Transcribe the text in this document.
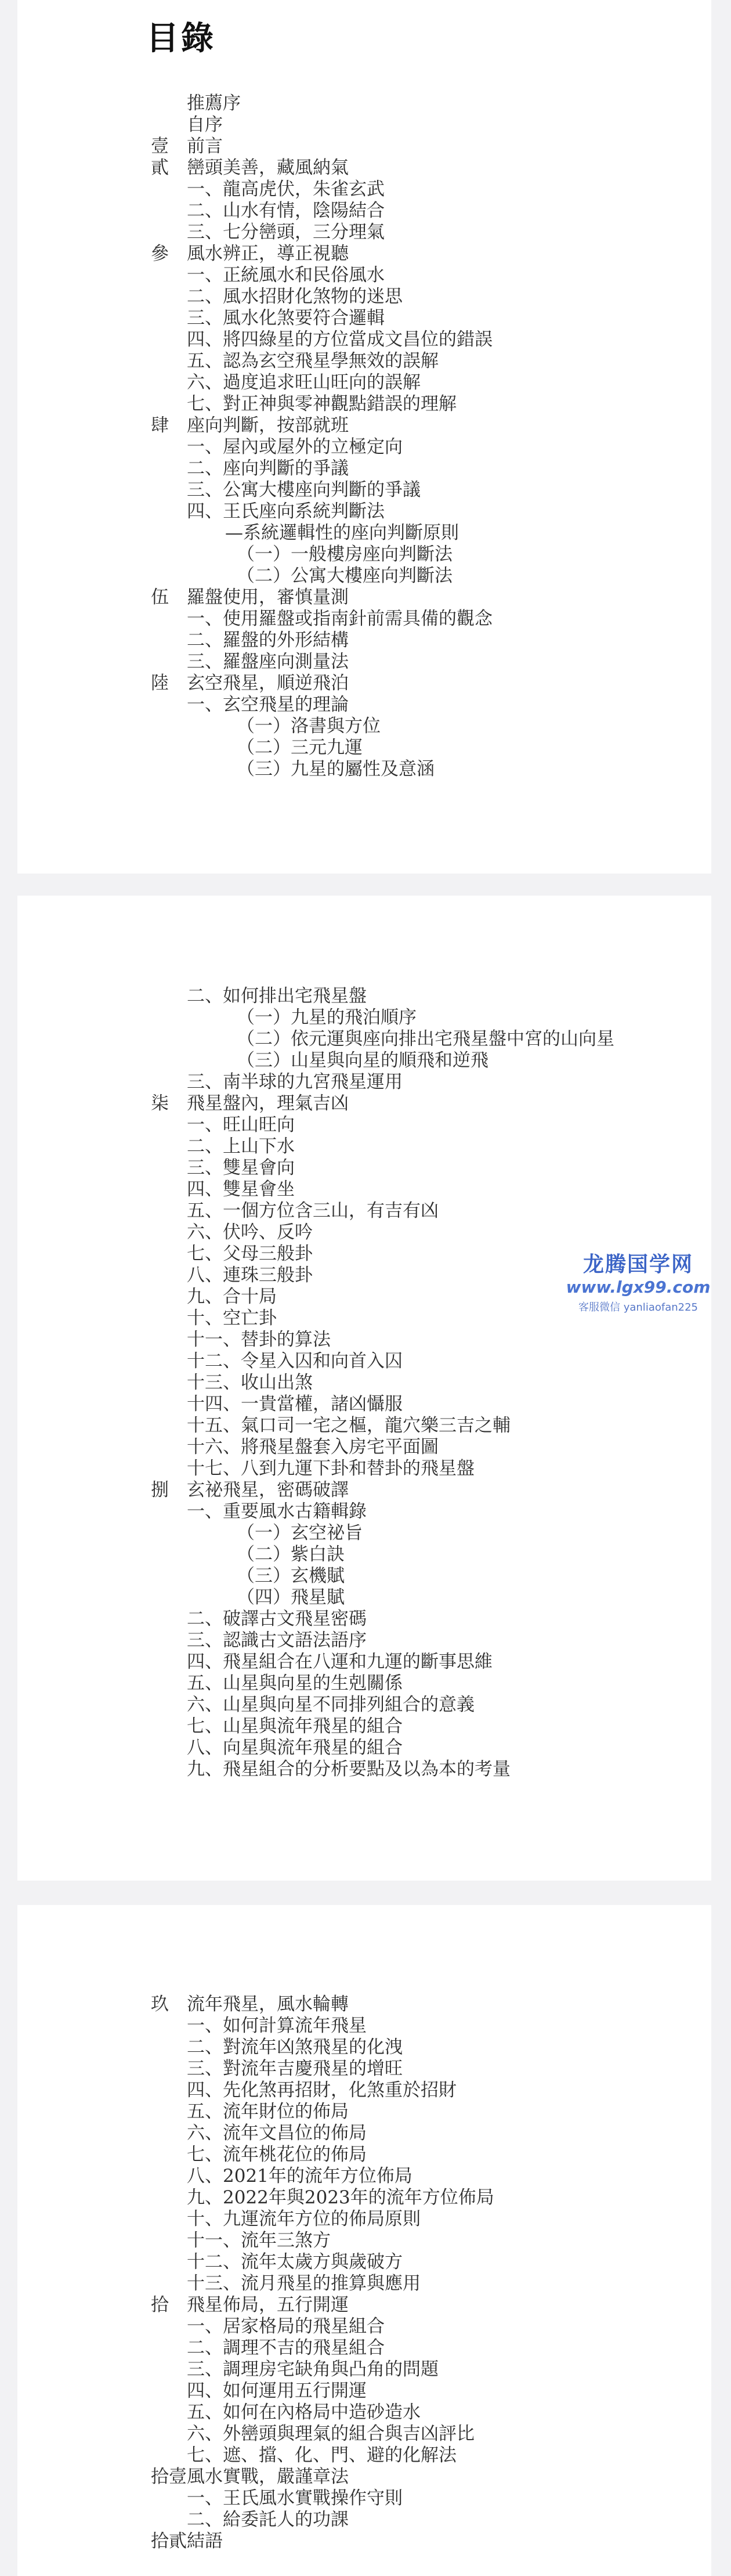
目錄
推薦序
自序
壹 前言
貳 巒頭美善，藏風納氣
一、龍高虎伏，朱雀玄武
二、山水有情，陰陽結合
三、七分巒頭，三分理氣
參 風水辨正，導正視聽
一、正統風水和民俗風水
二、風水招財化煞物的迷思
三、風水化煞要符合邏輯
四、將四綠星的方位當成文昌位的錯誤
五、認為玄空飛星學無效的誤解
六、過度追求旺山旺向的誤解
七、對正神與零神觀點錯誤的理解
肆 座向判斷，按部就班
一、屋內或屋外的立極定向
二、座向判斷的爭議
三、公寓大樓座向判斷的爭議
四、王氏座向系統判斷法
—系統邏輯性的座向判斷原則
（一）一般樓房座向判斷法
（二）公寓大樓座向判斷法
伍 羅盤使用，審慎量測
一、使用羅盤或指南針前需具備的觀念
二、羅盤的外形結構
三、羅盤座向測量法
陸 玄空飛星，順逆飛泊
一、玄空飛星的理論
（一）洛書與方位
（二）三元九運
（三）九星的屬性及意涵
二、如何排出宅飛星盤
（一）九星的飛泊順序
（二）依元運與座向排出宅飛星盤中宮的山向星
（三）山星與向星的順飛和逆飛
三、南半球的九宮飛星運用
柒 飛星盤內，理氣吉凶
一、旺山旺向
二、上山下水
三、雙星會向
四、雙星會坐
五、一個方位含三山，有吉有凶
六、伏吟、反吟
七、父母三般卦
八、連珠三般卦
九、合十局
十、空亡卦
十一、替卦的算法
十二、令星入囚和向首入囚
十三、收山出煞
十四、一貴當權，諸凶懾服
十五、氣口司一宅之樞，龍穴樂三吉之輔
十六、將飛星盤套入房宅平面圖
十七、八到九運下卦和替卦的飛星盤
捌 玄祕飛星，密碼破譯
一、重要風水古籍輯錄
（一）玄空祕旨
（二）紫白訣
（三）玄機賦
（四）飛星賦
二、破譯古文飛星密碼
三、認識古文語法語序
四、飛星組合在八運和九運的斷事思維
五、山星與向星的生剋關係
六、山星與向星不同排列組合的意義
七、山星與流年飛星的組合
八、向星與流年飛星的組合
九、飛星組合的分析要點及以為本的考量
玖 流年飛星，風水輪轉
一、如何計算流年飛星
二、對流年凶煞飛星的化洩
三、對流年吉慶飛星的增旺
四、先化煞再招財，化煞重於招財
五、流年財位的佈局
六、流年文昌位的佈局
七、流年桃花位的佈局
八、2021年的流年方位佈局
九、2022年與2023年的流年方位佈局
十、九運流年方位的佈局原則
十一、流年三煞方
十二、流年太歲方與歲破方
十三、流月飛星的推算與應用
拾 飛星佈局，五行開運
一、居家格局的飛星組合
二、調理不吉的飛星組合
三、調理房宅缺角與凸角的問題
四、如何運用五行開運
五、如何在內格局中造砂造水
六、外巒頭與理氣的組合與吉凶評比
七、遮、擋、化、門、避的化解法
拾壹風水實戰，嚴謹章法
一、王氏風水實戰操作守則
二、給委託人的功課
拾貳結語
龙腾国学网
www.lgx99.com
客服微信 yanliaofan225
